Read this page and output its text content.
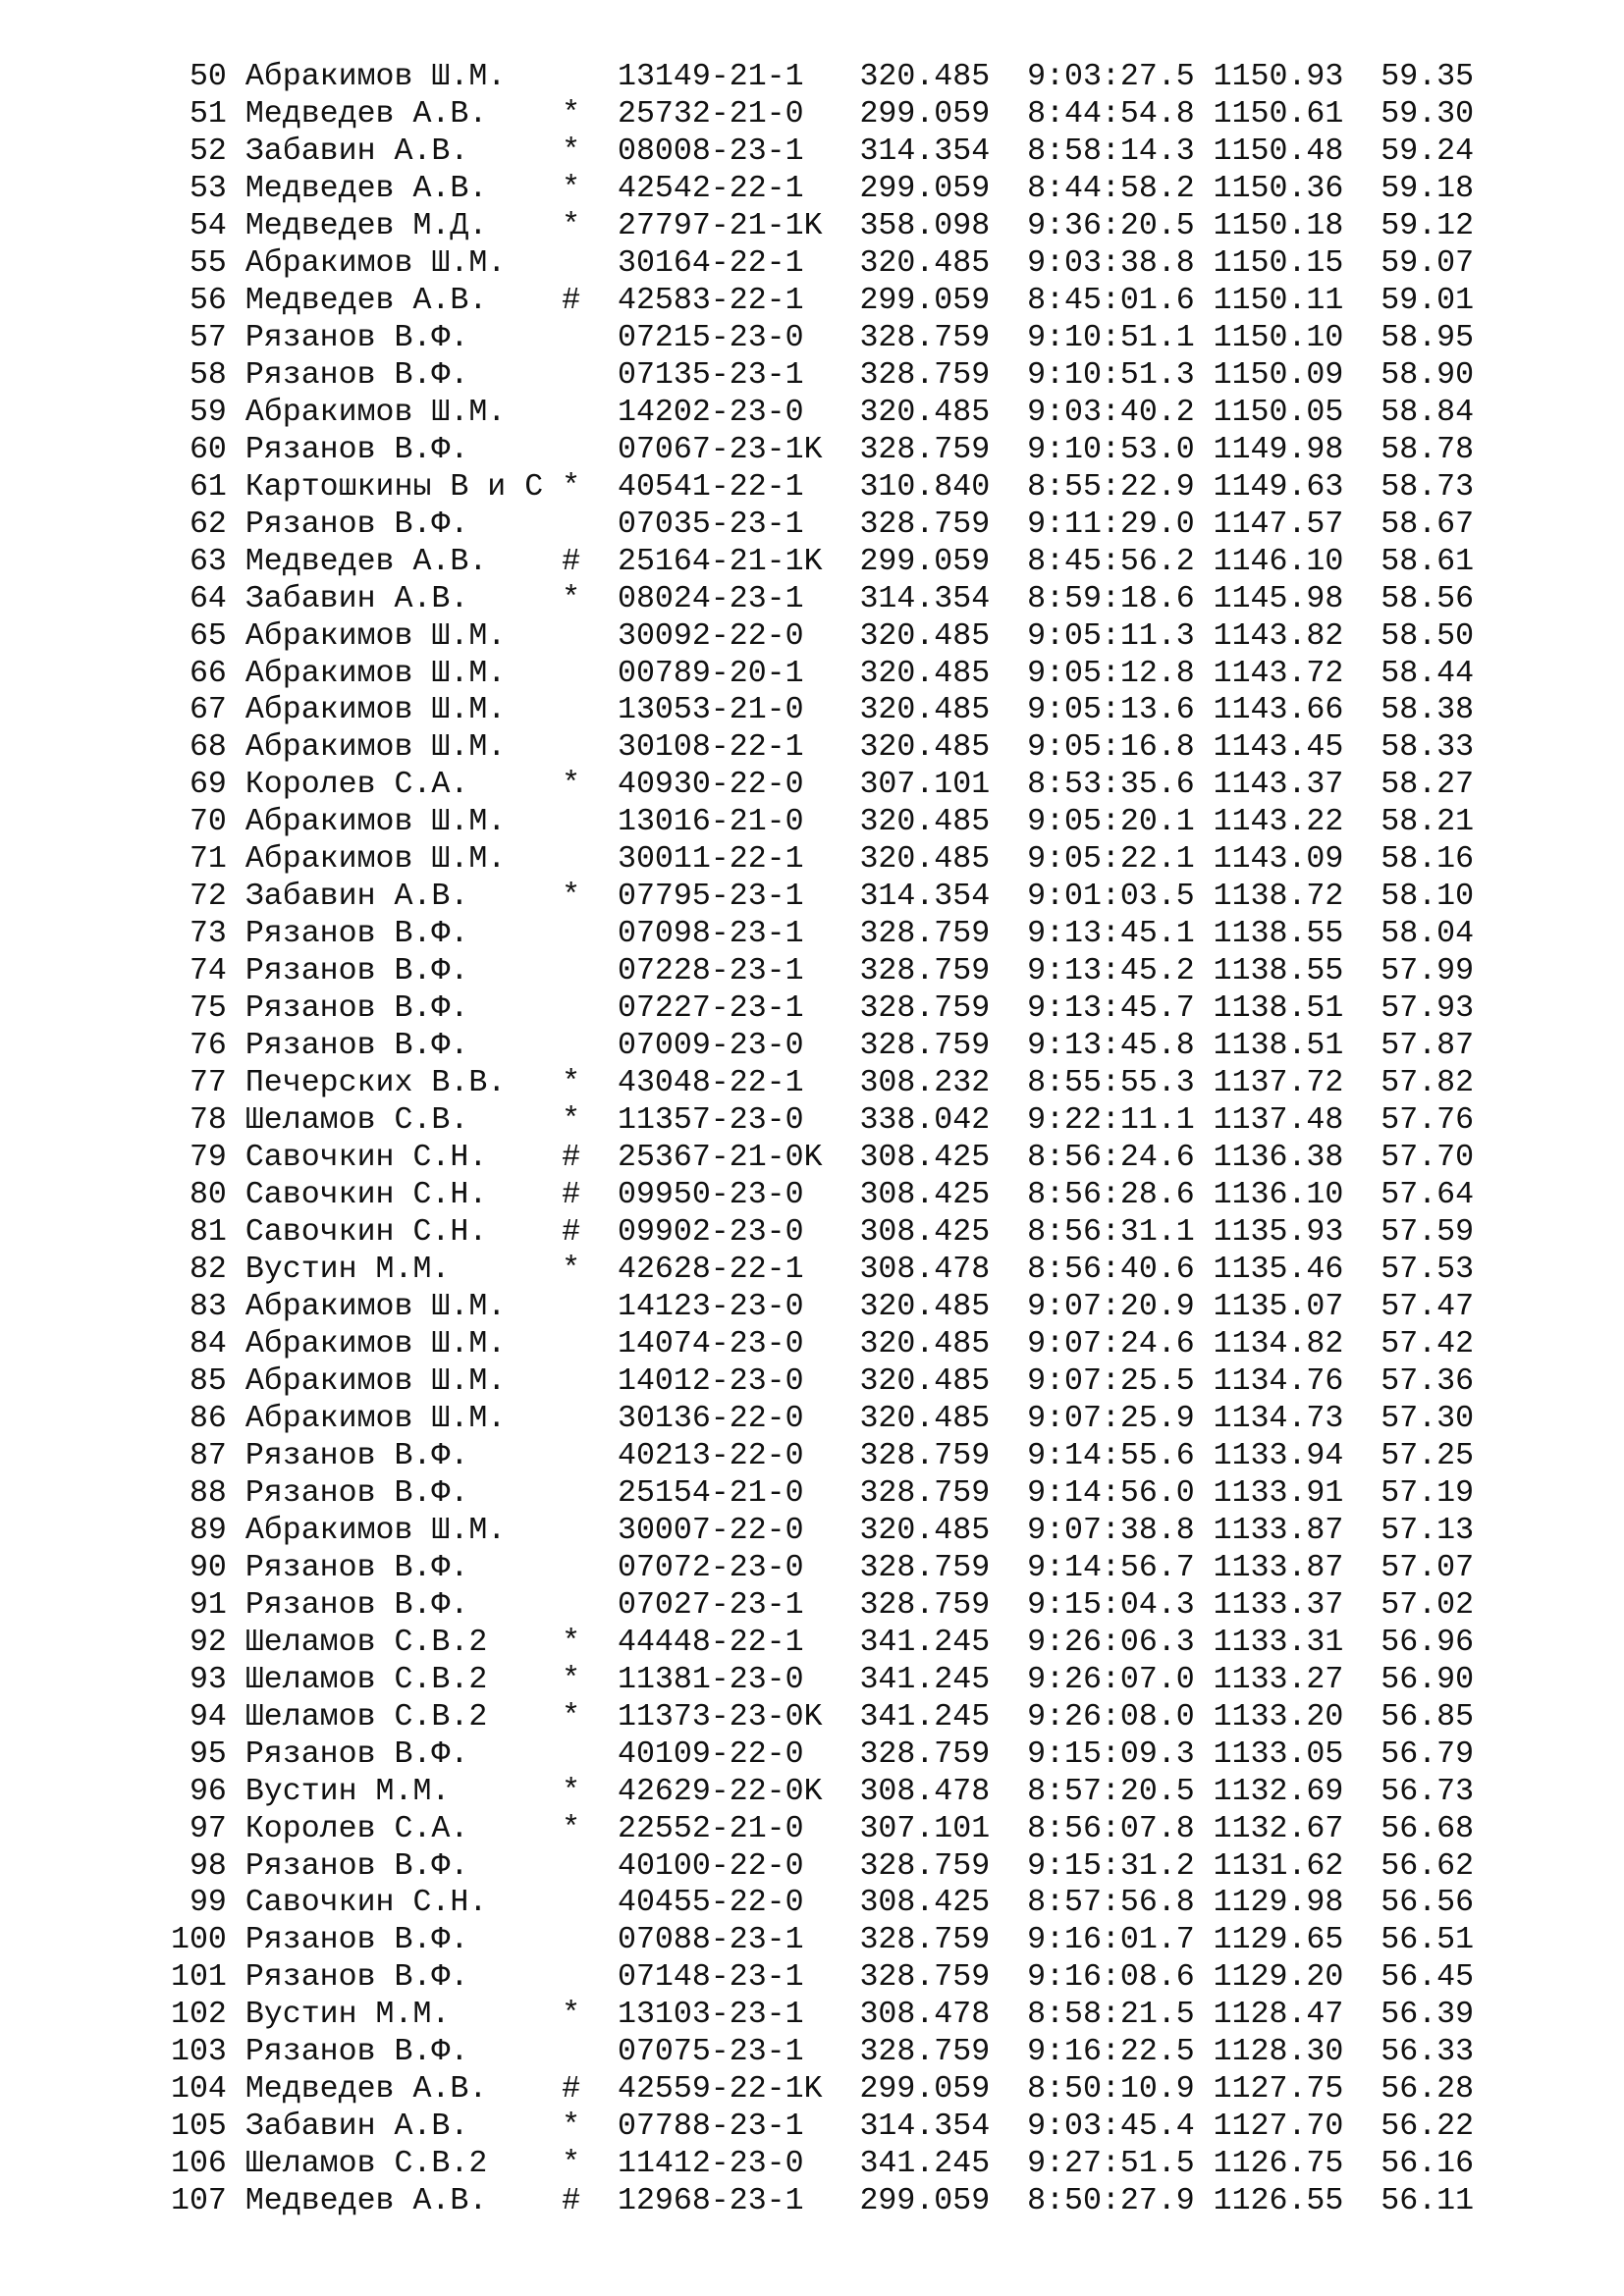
50 Абракимов Ш.М.	13149-21-1 320.485 9:03:27.5 1150.93 59.35
51 Медведев А.В. * 25732-21-0 299.059 8:44:54.8 1150.61 59.30
52 Забавин А.В.	* 08008-23-1 314.354 8:58:14.3 1150.48 59.24
53 Медведев А.В. * 42542-22-1 299.059 8:44:58.2 1150.36 59.18
54 Медведев М.Д. * 27797-21-1K 358.098 9:36:20.5 1150.18 59.12
55 Абракимов Ш.М.	30164-22-1 320.485 9:03:38.8 1150.15 59.07
56 Медведев А.В. # 42583-22-1 299.059 8:45:01.6 1150.11 59.01
57 Рязанов В.Ф.	07215-23-0 328.759 9:10:51.1 1150.10 58.95
58 Рязанов В.Ф.	07135-23-1 328.759 9:10:51.3 1150.09 58.90
59 Абракимов Ш.М.	14202-23-0 320.485 9:03:40.2 1150.05 58.84
60 Рязанов В.Ф.	07067-23-1K 328.759 9:10:53.0 1149.98 58.78
61 Картошкины В и С * 40541-22-1 310.840 8:55:22.9 1149.63 58.73
62 Рязанов В.Ф.	07035-23-1 328.759 9:11:29.0 1147.57 58.67
63 Медведев А.В. # 25164-21-1K 299.059 8:45:56.2 1146.10 58.61
64 Забавин А.В.	* 08024-23-1 314.354 8:59:18.6 1145.98 58.56
65 Абракимов Ш.М.	30092-22-0 320.485 9:05:11.3 1143.82 58.50
66 Абракимов Ш.М.	00789-20-1 320.485 9:05:12.8 1143.72 58.44
67 Абракимов Ш.М.	13053-21-0 320.485 9:05:13.6 1143.66 58.38
68 Абракимов Ш.М.	30108-22-1 320.485 9:05:16.8 1143.45 58.33
69 Королев С.А.	* 40930-22-0 307.101 8:53:35.6 1143.37 58.27
70 Абракимов Ш.М.	13016-21-0 320.485 9:05:20.1 1143.22 58.21
71 Абракимов Ш.М.	30011-22-1 320.485 9:05:22.1 1143.09 58.16
72 Забавин А.В.	* 07795-23-1 314.354 9:01:03.5 1138.72 58.10
73 Рязанов В.Ф.	07098-23-1 328.759 9:13:45.1 1138.55 58.04
74 Рязанов В.Ф.	07228-23-1 328.759 9:13:45.2 1138.55 57.99
75 Рязанов В.Ф.	07227-23-1 328.759 9:13:45.7 1138.51 57.93
76 Рязанов В.Ф.	07009-23-0 328.759 9:13:45.8 1138.51 57.87
77 Печерских В.В. * 43048-22-1 308.232 8:55:55.3 1137.72 57.82
78 Шеламов С.В.	* 11357-23-0 338.042 9:22:11.1 1137.48 57.76
79 Савочкин С.Н. # 25367-21-0K 308.425 8:56:24.6 1136.38 57.70
80 Савочкин С.Н. # 09950-23-0 308.425 8:56:28.6 1136.10 57.64
81 Савочкин С.Н. # 09902-23-0 308.425 8:56:31.1 1135.93 57.59
82 Вустин М.М.	* 42628-22-1 308.478 8:56:40.6 1135.46 57.53
83 Абракимов Ш.М.	14123-23-0 320.485 9:07:20.9 1135.07 57.47
84 Абракимов Ш.М.	14074-23-0 320.485 9:07:24.6 1134.82 57.42
85 Абракимов Ш.М.	14012-23-0 320.485 9:07:25.5 1134.76 57.36
86 Абракимов Ш.М.	30136-22-0 320.485 9:07:25.9 1134.73 57.30
87 Рязанов В.Ф.	40213-22-0 328.759 9:14:55.6 1133.94 57.25
88 Рязанов В.Ф.	25154-21-0 328.759 9:14:56.0 1133.91 57.19
89 Абракимов Ш.М.	30007-22-0 320.485 9:07:38.8 1133.87 57.13
90 Рязанов В.Ф.	07072-23-0 328.759 9:14:56.7 1133.87 57.07
91 Рязанов В.Ф.	07027-23-1 328.759 9:15:04.3 1133.37 57.02
92 Шеламов С.В.2 * 44448-22-1 341.245 9:26:06.3 1133.31 56.96
93 Шеламов С.В.2 * 11381-23-0 341.245 9:26:07.0 1133.27 56.90
94 Шеламов С.В.2 * 11373-23-0K 341.245 9:26:08.0 1133.20 56.85
95 Рязанов В.Ф.	40109-22-0 328.759 9:15:09.3 1133.05 56.79
96 Вустин М.М.	* 42629-22-0K 308.478 8:57:20.5 1132.69 56.73
97 Королев С.А.	* 22552-21-0 307.101 8:56:07.8 1132.67 56.68
98 Рязанов В.Ф.	40100-22-0 328.759 9:15:31.2 1131.62 56.62
99 Савочкин С.Н.	40455-22-0 308.425 8:57:56.8 1129.98 56.56
100 Рязанов В.Ф.	07088-23-1 328.759 9:16:01.7 1129.65 56.51
101 Рязанов В.Ф.	07148-23-1 328.759 9:16:08.6 1129.20 56.45
102 Вустин М.М.	* 13103-23-1 308.478 8:58:21.5 1128.47 56.39
103 Рязанов В.Ф.	07075-23-1 328.759 9:16:22.5 1128.30 56.33
104 Медведев А.В. # 42559-22-1K 299.059 8:50:10.9 1127.75 56.28
105 Забавин А.В.	* 07788-23-1 314.354 9:03:45.4 1127.70 56.22
106 Шеламов С.В.2 * 11412-23-0 341.245 9:27:51.5 1126.75 56.16
107 Медведев А.В. # 12968-23-1 299.059 8:50:27.9 1126.55 56.11
